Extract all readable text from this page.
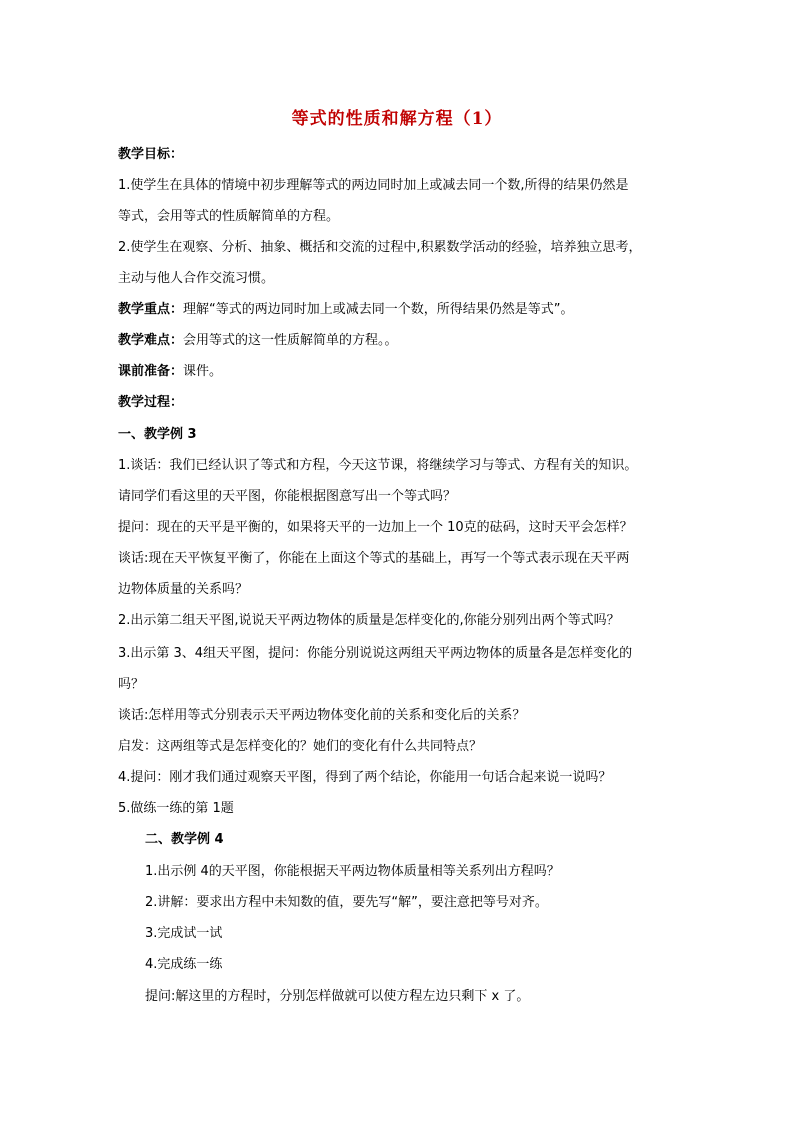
等式的性质和解方程（1）
教学目标：
1.使学生在具体的情境中初步理解等式的两边同时加上或减去同一个数,所得的结果仍然是
等式，会用等式的性质解简单的方程。
2.使学生在观察、分析、抽象、概括和交流的过程中,积累数学活动的经验，培养独立思考，
主动与他人合作交流习惯。
教学重点：理解“等式的两边同时加上或减去同一个数，所得结果仍然是等式”。
教学难点：会用等式的这一性质解简单的方程。。
课前准备：课件。
教学过程：
一、教学例 3
1.谈话：我们已经认识了等式和方程，今天这节课，将继续学习与等式、方程有关的知识。
请同学们看这里的天平图，你能根据图意写出一个等式吗？
提问：现在的天平是平衡的，如果将天平的一边加上一个 10克的砝码，这时天平会怎样？
谈话:现在天平恢复平衡了，你能在上面这个等式的基础上，再写一个等式表示现在天平两
边物体质量的关系吗？
2.出示第二组天平图,说说天平两边物体的质量是怎样变化的,你能分别列出两个等式吗？
3.出示第 3、4组天平图，提问：你能分别说说这两组天平两边物体的质量各是怎样变化的
吗？
谈话:怎样用等式分别表示天平两边物体变化前的关系和变化后的关系？
启发：这两组等式是怎样变化的？她们的变化有什么共同特点？
4.提问：刚才我们通过观察天平图，得到了两个结论，你能用一句话合起来说一说吗？
5.做练一练的第 1题
二、教学例 4
1.出示例 4的天平图，你能根据天平两边物体质量相等关系列出方程吗？
2.讲解：要求出方程中未知数的值，要先写“解”，要注意把等号对齐。
3.完成试一试
4.完成练一练
提问:解这里的方程时，分别怎样做就可以使方程左边只剩下 x 了。
